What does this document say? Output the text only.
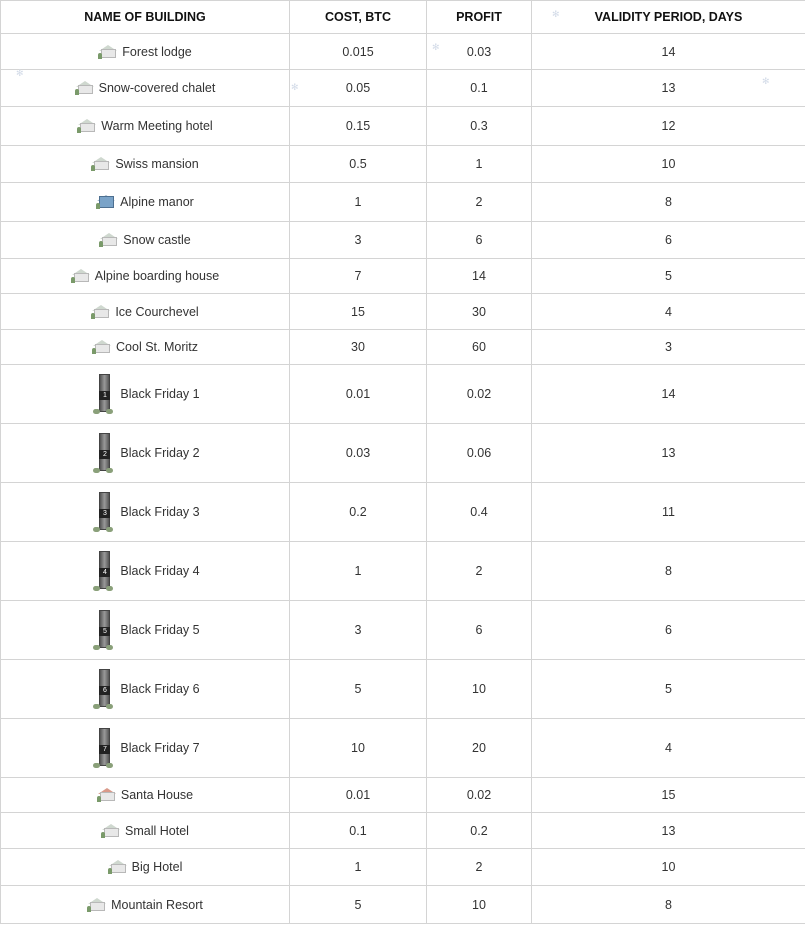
NAME OF BUILDING	COST, BTC	PROFIT	VALIDITY PERIOD, DAYS

Forest lodge	0.015	0.03	14

Snow-covered chalet	0.05	0.1	13

Warm Meeting hotel	0.15	0.3	12

Swiss mansion	0.5	1	10

Alpine manor	1	2	8

Snow castle	3	6	6

Alpine boarding house	7	14	5

Ice Courchevel	15	30	4

Cool St. Moritz	30	60	3

1 Black Friday 1	0.01	0.02	14

2 Black Friday 2	0.03	0.06	13

3 Black Friday 3	0.2	0.4	11

4 Black Friday 4	1	2	8

5 Black Friday 5	3	6	6

6 Black Friday 6	5	10	5

7 Black Friday 7	10	20	4

Santa House	0.01	0.02	15

Small Hotel	0.1	0.2	13

Big Hotel	1	2	10

Mountain Resort	5	10	8
✻
✻
✻
✻
✻
